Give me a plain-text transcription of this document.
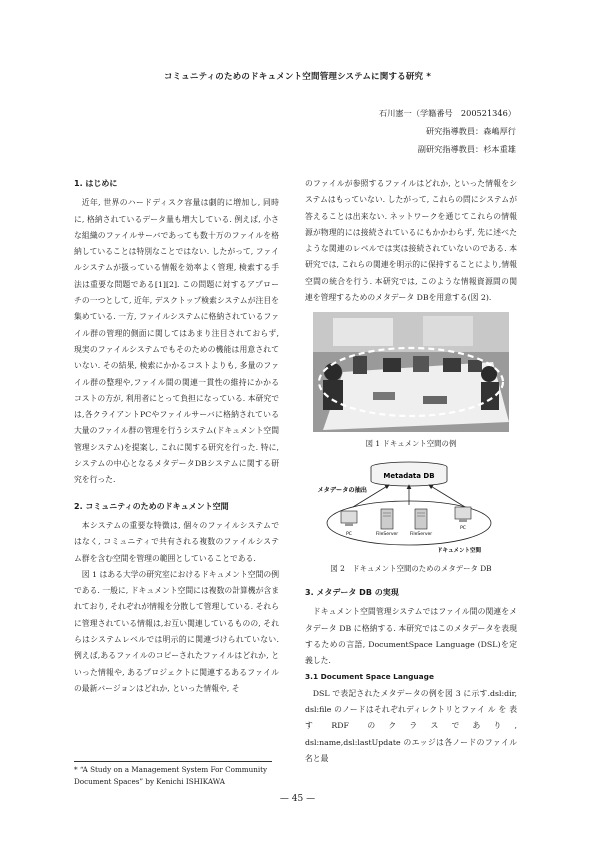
コミュニティのためのドキュメント空間管理システムに関する研究 *
石川憲一（学籍番号　200521346）
研究指導教員：森嶋厚行
副研究指導教員：杉本重雄
1. はじめに

近年, 世界のハードディスク容量は劇的に増加し, 同時に, 格納されているデータ量も増大している. 例えば, 小さな組織のファイルサーバであっても数十万のファイルを格納していることは特別なことではない. したがって, ファイルシステムが扱っている情報を効率よく管理, 検索する手法は重要な問題である[1][2]. この問題に対するアプローチの一つとして, 近年, デスクトップ検索システムが注目を集めている. 一方, ファイルシステムに格納されているファイル群の管理的側面に関してはあまり注目されておらず, 現実のファイルシステムでもそのための機能は用意されていない. その結果, 検索にかかるコストよりも, 多量のファイル群の整理や,ファイル間の関連一貫性の維持にかかるコストの方が, 利用者にとって負担になっている. 本研究では,各クライアントPCやファイルサーバに格納されている大量のファイル群の管理を行うシステム(ドキュメント空間管理システム)を提案し, これに関する研究を行った. 特に, システムの中心となるメタデータDBシステムに関する研究を行った.

2. コミュニティのためのドキュメント空間

本システムの重要な特徴は, 個々のファイルシステムではなく, コミュニティで共有される複数のファイルシステム群を含む空間を管理の範囲としていることである.

図 1 はある大学の研究室におけるドキュメント空間の例である. 一般に, ドキュメント空間には複数の計算機が含まれており, それぞれが情報を分散して管理している. それらに管理されている情報は,お互い関連しているものの, それらはシステムレベルでは明示的に関連づけられていない. 例えば,あるファイルのコピーされたファイルはどれか, といった情報や, あるプロジェクトに関連するあるファイルの最新バージョンはどれか, といった情報や, そ

のファイルが参照するファイルはどれか, といった情報をシステムはもっていない. したがって, これらの問にシステムが答えることは出来ない. ネットワークを通じてこれらの情報源が物理的には接続されているにもかかわらず, 先に述べたような関連のレベルでは実は接続されていないのである. 本研究では, これらの関連を明示的に保持することにより,情報空間の統合を行う. 本研究では, このような情報資源間の関連を管理するためのメタデータ DBを用意する(図 2).

図 1 ドキュメント空間の例
Metadata DB
メタデータの抽出
PC	FileServer	FileServer
PC
ドキュメント空間
図 2　ドキュメント空間のためのメタデータ DB
3. メタデータ DB の実現

ドキュメント空間管理システムではファイル間の関連をメタデータ DB に格納する. 本研究ではこのメタデータを表現するための言語, DocumentSpace Language (DSL)を定義した.

3.1 Document Space Language

DSL で表記されたメタデータの例を図 3 に示す.dsl:dir, dsl:file のノードはそれぞれディレクトリとファイ ル を 表 す　RDF　の ク ラ ス で あ り , dsl:name,dsl:lastUpdate のエッジは各ノードのファイル名と最

* “A Study on a Management System For Community
Document Spaces” by Kenichi ISHIKAWA
— 45 —
